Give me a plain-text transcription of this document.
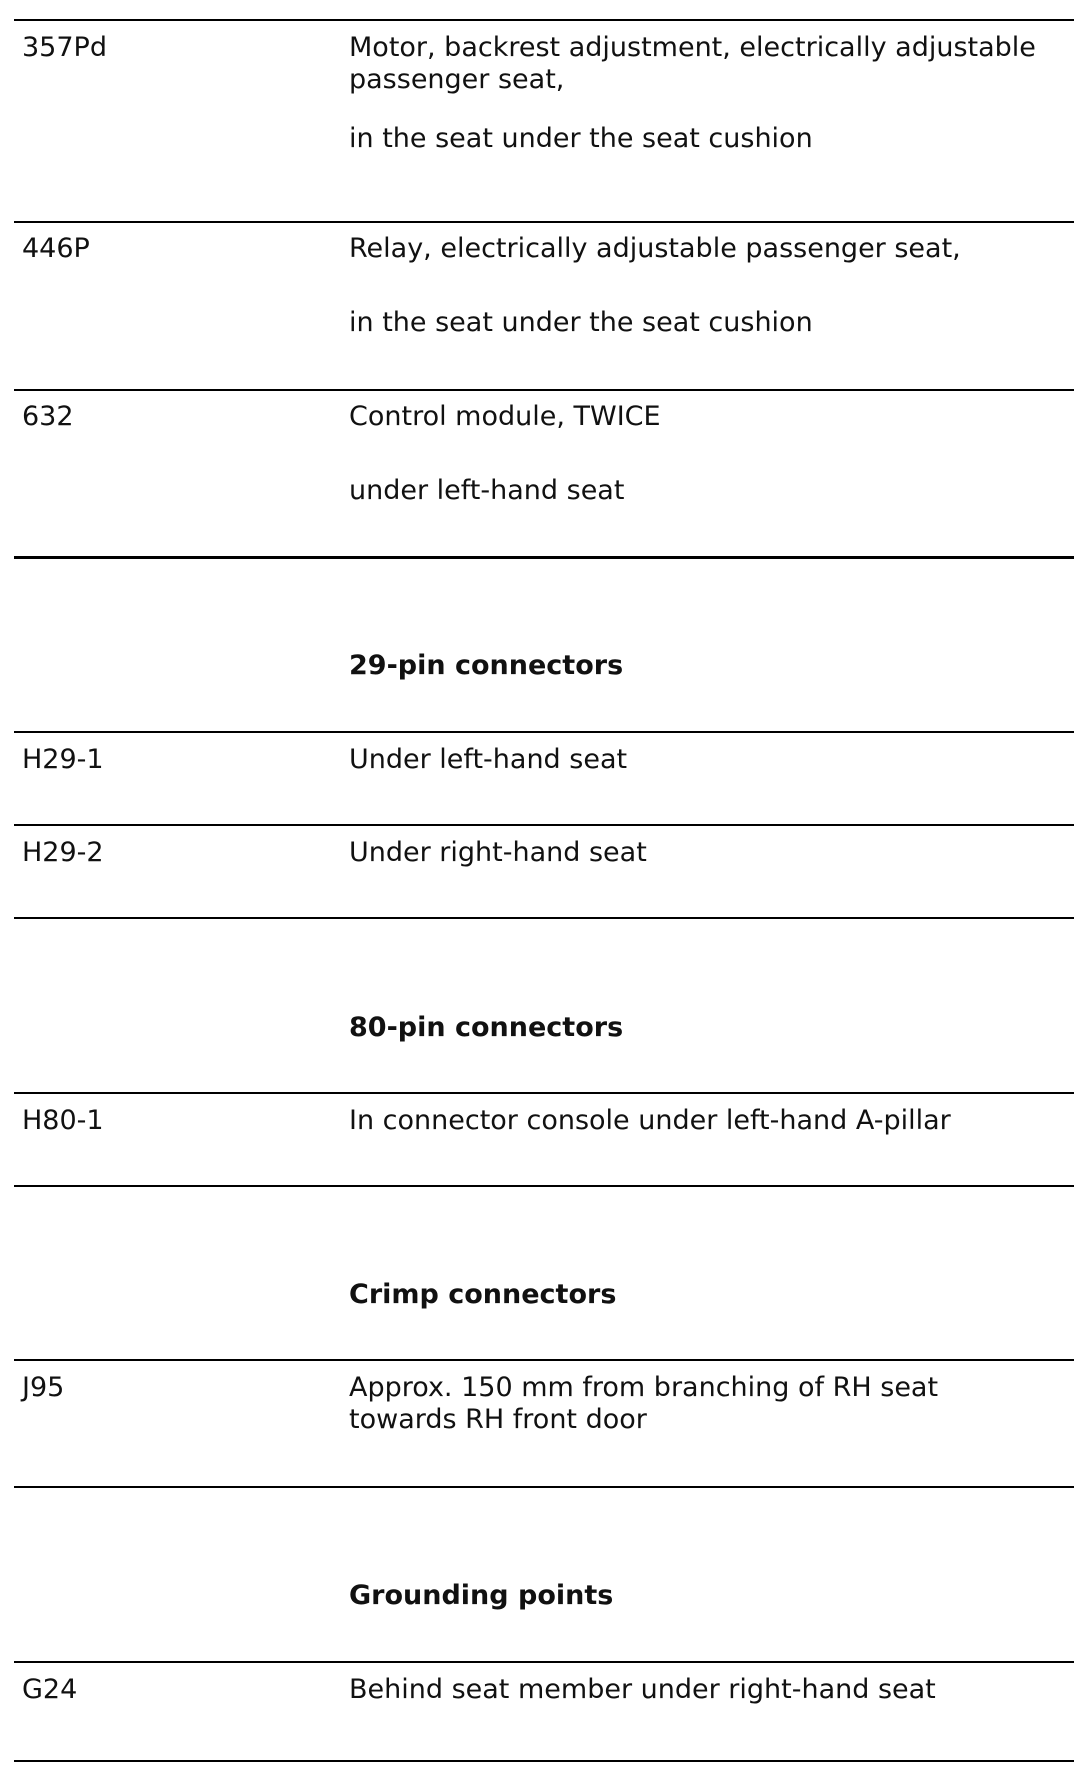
357Pd	Motor, backrest adjustment, electrically adjustable passenger seat,
in the seat under the seat cushion
446P	Relay, electrically adjustable passenger seat,
in the seat under the seat cushion
632	Control module, TWICE
under left-hand seat
29-pin connectors
H29-1	Under left-hand seat
H29-2	Under right-hand seat
80-pin connectors
H80-1	In connector console under left-hand A-pillar
Crimp connectors
J95	Approx. 150 mm from branching of RH seat towards RH front door
Grounding points
G24	Behind seat member under right-hand seat
